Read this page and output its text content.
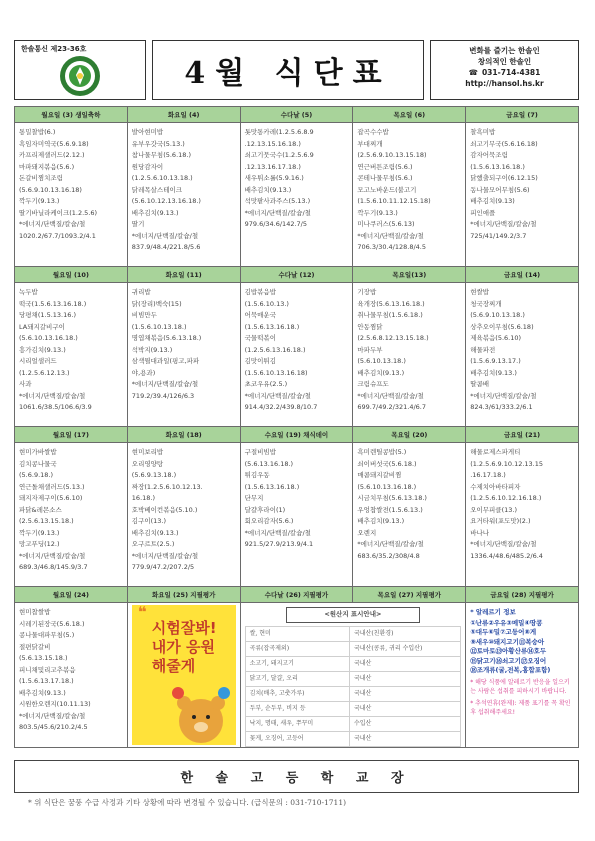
한솔통신 제23-36호
4월 식단표
변화를 즐기는 한솔인
창의적인 한솔인
☎ 031-714-4381
http://hansol.hs.kr
월요일 (3) 생일축하	화요일 (4)	수다날 (5)	목요일 (6)	금요일 (7)

통밀찰밥(6.)
흑임자미역국(5.6.9.18)
카프리제샐러드(2.12.)
마파돼지볶음(5.6.)
돈갈비찜치조림
(5.6.9.10.13.16.18)
깍두기(9.13.)
딸기바닐라케이크(1.2.5.6)
*에너지/단백질/칼슘/철
1020.2/67.7/1093.2/4.1

발아현미밥
유부우갓국(5.13.)
참나물무침(5.6.18.)
원당감자이
(1.2.5.6.10.13.18.)
닭레목살스테이크
(5.6.10.12.13.16.18.)
배추김치(9.13.)
딸기
*에너지/단백질/칼슘/철
837.9/48.4/221.8/5.6

톳맛통카레(1.2.5.6.8.9
.12.13.15.16.18.)
쇠고기뭇국수(1.2.5.6.9
.12.13.16.17.18.)
새우튀소롤(5.9.16.)
배추김치(9.13.)
석맛팥사과주스(5.13.)
*에너지/단백질/칼슘/철
979.6/34.6/142.7/5

잡곡수수밥
부대찌개
(2.5.6.9.10.13.15.18)
연근버튼조림(5.6.)
콘테나물무침(5.6.)
모고노바운드(불고기
(1.5.6.10.11.12.15.18)
깍두기(9.13.)
미나쿠러스(5.6.13)
*에너지/단백질/칼슘/철
706.3/30.4/128.8/4.5

찰흑미밥
쇠고기무국(5.6.16.18)
감자어묵조림
(1.5.6.13.16.18.)
닭했출되구이(6.12.15)
동나물모어무침(5.6)
배추김치(9.13)
피인애플
*에너지/단백질/칼슘/철
725/41/149.2/3.7

월요일 (10)	화요일 (11)	수다날 (12)	목요일(13)	금요일 (14)

녹두밥
떡국(1.5.6.13.16.18.)
당평채(1.5.13.16.)
LA돼지갈비구이
(5.6.10.13.16.18.)
흥가김치(9.13.)
시리얼샐러드
(1.2.5.6.12.13.)
사과
*에너지/단백질/칼슘/철
1061.6/38.5/106.6/3.9

귀리밥
닭(장리)백숙(15)
비빔만두
(1.5.6.10.13.18.)
명엽채볶음(5.6.13.18.)
석박지(9.13.)
삼색뮐대과일(핑고,파파
야,용과)
*에너지/단백질/칼슘/철
719.2/39.4/126/6.3

김밥볶음밥
(1.5.6.10.13.)
어묵매운국
(1.5.6.13.16.18.)
국물떡볶이
(1.2.5.6.13.16.18.)
김맛이튀김
(1.5.6.10.13.16.18)
초코우유(2.5.)
*에너지/단백질/칼슘/철
914.4/32.2/439.8/10.7

기장밥
육개장(5.6.13.16.18.)
취나물무침(1.5.6.18.)
안동찜닭
(2.5.6.8.12.13.15.18.)
마파두부
(5.6.10.13.18.)
배추김치(9.13.)
크림슈프도
*에너지/단백질/칼슘/철
699.7/49.2/321.4/6.7

현쌀밥
청국장찌개
(5.6.9.10.13.18.)
상추오이무침(5.6.18)
제육볶음(5.6.10)
해물파전
(1.5.6.9.13.17.)
배추김치(9.13.)
딸콤배
*에너지/단백질/칼슘/철
824.3/61/333.2/6.1

월요일 (17)	화요일 (18)	수요일 (19) 채식데이	목요일 (20)	금요일 (21)

현미가바쌀밥
김치콩나물국
(5.6.9.18.)
연근돌채샐러드(5.13.)
돼지자제구이(5.6.10)
파닭&레몬소스
(2.5.6.13.15.18.)
깍두기(9.13.)
망고푸딩(12.)
*에너지/단백질/칼슘/철
689.3/46.8/145.9/3.7

현미보리밥
오리영양탕
(5.6.9.13.18.)
짜장(1.2.5.6.10.12.13.
16.18.)
호박베이컨볶음(5.10.)
김구이(13.)
배추김치(9.13.)
오구르트(2.5.)
*에너지/단백질/칼슘/철
779.9/47.2/207.2/5

구절비빔밥
(5.6.13.16.18.)
튀김우동
(1.5.6.13.16.18.)
단무지
달걀후라이(1)
회오리감자(5.6.)
*에너지/단백질/칼슘/철
921.5/27.9/213.9/4.1

흑미렌틸콩밥(5.)
쇠이버섯국(5.6.18.)
매콤돼지갈비찜
(5.6.10.13.16.18.)
시금치무침(5.6.13.18.)
우엉찹쌀전(1.5.6.13.)
배추김치(9.13.)
오렌지
*에너지/단백질/칼슘/철
683.6/35.2/308/4.8

해물로제스파게티
(1.2.5.6.9.10.12.13.15
.16.17.18.)
수제치아바타피자
(1.2.5.6.10.12.16.18.)
오이무피클(13.)
요거타워(포도맛)(2.)
바나나
*에너지/단백질/칼슘/철
1336.4/48.6/485.2/6.4

월요일 (24)	화요일 (25) 지필평가	수다날 (26) 지필평가	목요일 (27) 지필평가	금요일 (28) 지필평가

현미찹쌀밥
시레기된장국(5.6.18.)
콩나물대파무침(5.)
절편닭갈비
(5.6.13.15.18.)
피니채및리고추볶음
(1.5.6.13.17.18.)
배추김치(9.13.)
시원한오렌지(10.11.13)
*에너지/단백질/칼슘/철
803.5/45.6/210.2/4.5

❝
시험잘봐!
내가 응원
해줄게

<원산지 표시안내>
쌀, 현미	국내산(친환경)
곡류(잡곡제외)	국내산(콩류, 귀리 수입산)
소고기, 돼지고기	국내산
닭고기, 달걀, 오리	국내산
김치(배추, 고춧가루)	국내산
두부, 순두부, 비지 등	국내산
낙지, 명태, 새우, 쭈꾸미	수입산
꽃게, 오징어, 고등어	국내산

* 알레르기 정보
①난류②우유③메밀④땅콩
⑤대두⑥밀⑦고등어⑧게
⑨새우⑩돼지고기⑪복숭아
⑫토마토⑬아황산류⑭호두
⑮닭고기⑯쇠고기⑰오징어
⑱조개류(굴,전복,홍합포함)
* 해당 식품에 알레르기 반응을 일으키는 사람은 섭취를 피하시기 바랍니다.
* 추석연휴(완제): 제품 표기를 꼭 확인 후 섭취해주세요!
한 솔 고 등 학 교 장
* 위 식단은 꿈풍 수급 사정과 기타 상황에 따라 변경될 수 있습니다. (급식문의 : 031-710-1711)
